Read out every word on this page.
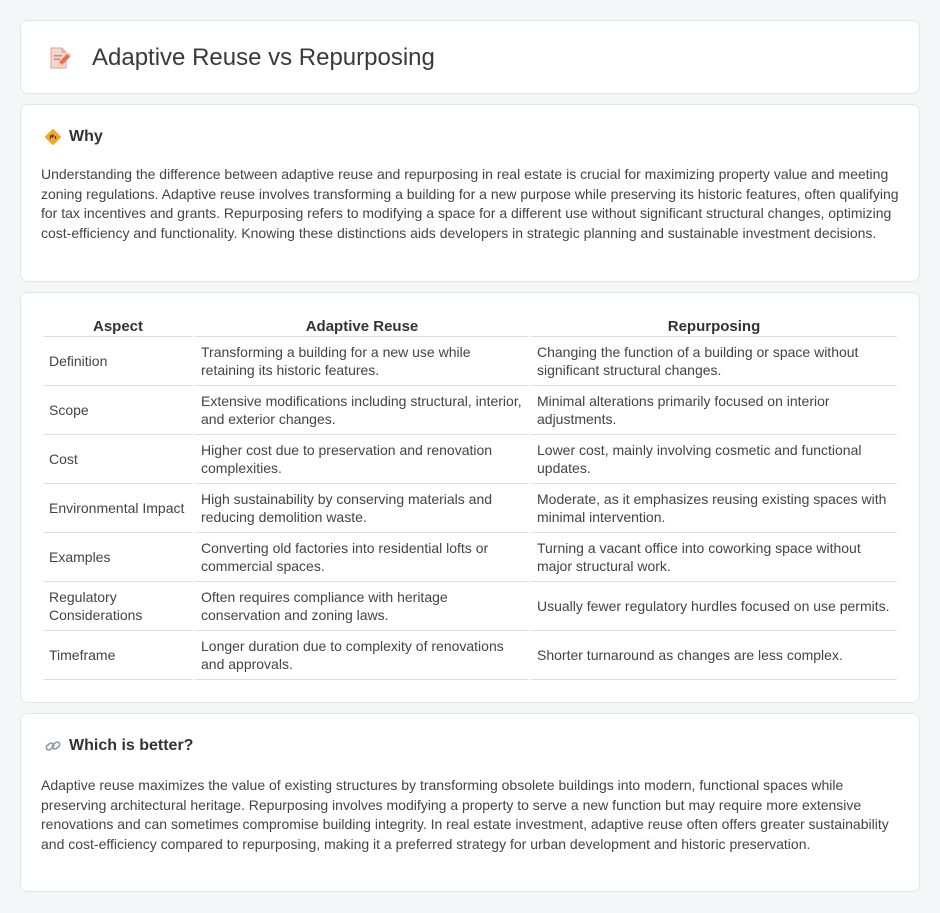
Adaptive Reuse vs Repurposing
Why

Understanding the difference between adaptive reuse and repurposing in real estate is crucial for maximizing property value and meeting zoning regulations. Adaptive reuse involves transforming a building for a new purpose while preserving its historic features, often qualifying for tax incentives and grants. Repurposing refers to modifying a space for a different use without significant structural changes, optimizing cost-efficiency and functionality. Knowing these distinctions aids developers in strategic planning and sustainable investment decisions.

Aspect	Adaptive Reuse	Repurposing
Definition	Transforming a building for a new use while retaining its historic features.	Changing the function of a building or space without significant structural changes.
Scope	Extensive modifications including structural, interior, and exterior changes.	Minimal alterations primarily focused on interior adjustments.
Cost	Higher cost due to preservation and renovation complexities.	Lower cost, mainly involving cosmetic and functional updates.
Environmental Impact	High sustainability by conserving materials and reducing demolition waste.	Moderate, as it emphasizes reusing existing spaces with minimal intervention.
Examples	Converting old factories into residential lofts or commercial spaces.	Turning a vacant office into coworking space without major structural work.
Regulatory Considerations	Often requires compliance with heritage conservation and zoning laws.	Usually fewer regulatory hurdles focused on use permits.
Timeframe	Longer duration due to complexity of renovations and approvals.	Shorter turnaround as changes are less complex.
Which is better?

Adaptive reuse maximizes the value of existing structures by transforming obsolete buildings into modern, functional spaces while preserving architectural heritage. Repurposing involves modifying a property to serve a new function but may require more extensive renovations and can sometimes compromise building integrity. In real estate investment, adaptive reuse often offers greater sustainability and cost-efficiency compared to repurposing, making it a preferred strategy for urban development and historic preservation.
